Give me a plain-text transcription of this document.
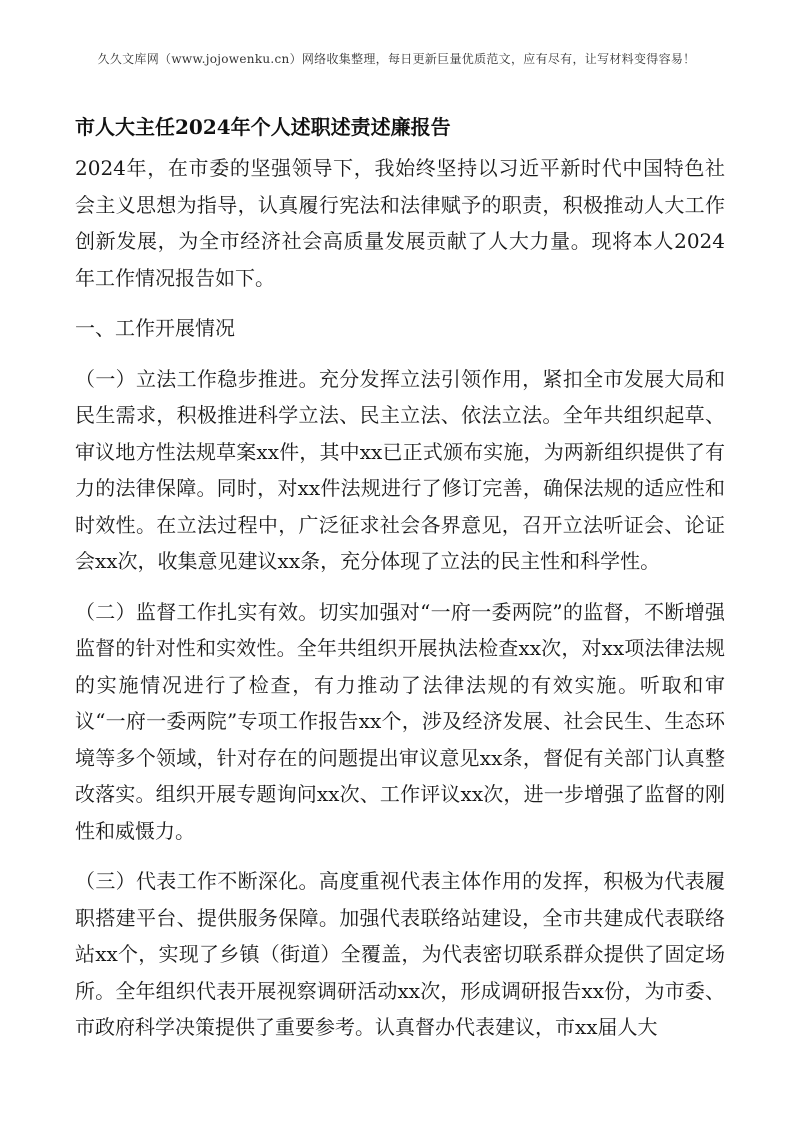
久久文库网（www.jojowenku.cn）网络收集整理，每日更新巨量优质范文，应有尽有，让写材料变得容易！
市人大主任2024年个人述职述责述廉报告

2024年，在市委的坚强领导下，我始终坚持以习近平新时代中国特色社会主义思想为指导，认真履行宪法和法律赋予的职责，积极推动人大工作创新发展，为全市经济社会高质量发展贡献了人大力量。现将本人2024年工作情况报告如下。

一、工作开展情况

（一）立法工作稳步推进。充分发挥立法引领作用，紧扣全市发展大局和民生需求，积极推进科学立法、民主立法、依法立法。全年共组织起草、审议地方性法规草案xx件，其中xx已正式颁布实施，为两新组织提供了有力的法律保障。同时，对xx件法规进行了修订完善，确保法规的适应性和时效性。在立法过程中，广泛征求社会各界意见，召开立法听证会、论证会xx次，收集意见建议xx条，充分体现了立法的民主性和科学性。

（二）监督工作扎实有效。切实加强对“一府一委两院”的监督，不断增强监督的针对性和实效性。全年共组织开展执法检查xx次，对xx项法律法规的实施情况进行了检查，有力推动了法律法规的有效实施。听取和审议“一府一委两院”专项工作报告xx个，涉及经济发展、社会民生、生态环境等多个领域，针对存在的问题提出审议意见xx条，督促有关部门认真整改落实。组织开展专题询问xx次、工作评议xx次，进一步增强了监督的刚性和威慑力。

（三）代表工作不断深化。高度重视代表主体作用的发挥，积极为代表履职搭建平台、提供服务保障。加强代表联络站建设，全市共建成代表联络站xx个，实现了乡镇（街道）全覆盖，为代表密切联系群众提供了固定场所。全年组织代表开展视察调研活动xx次，形成调研报告xx份，为市委、市政府科学决策提供了重要参考。认真督办代表建议，市xx届人大
